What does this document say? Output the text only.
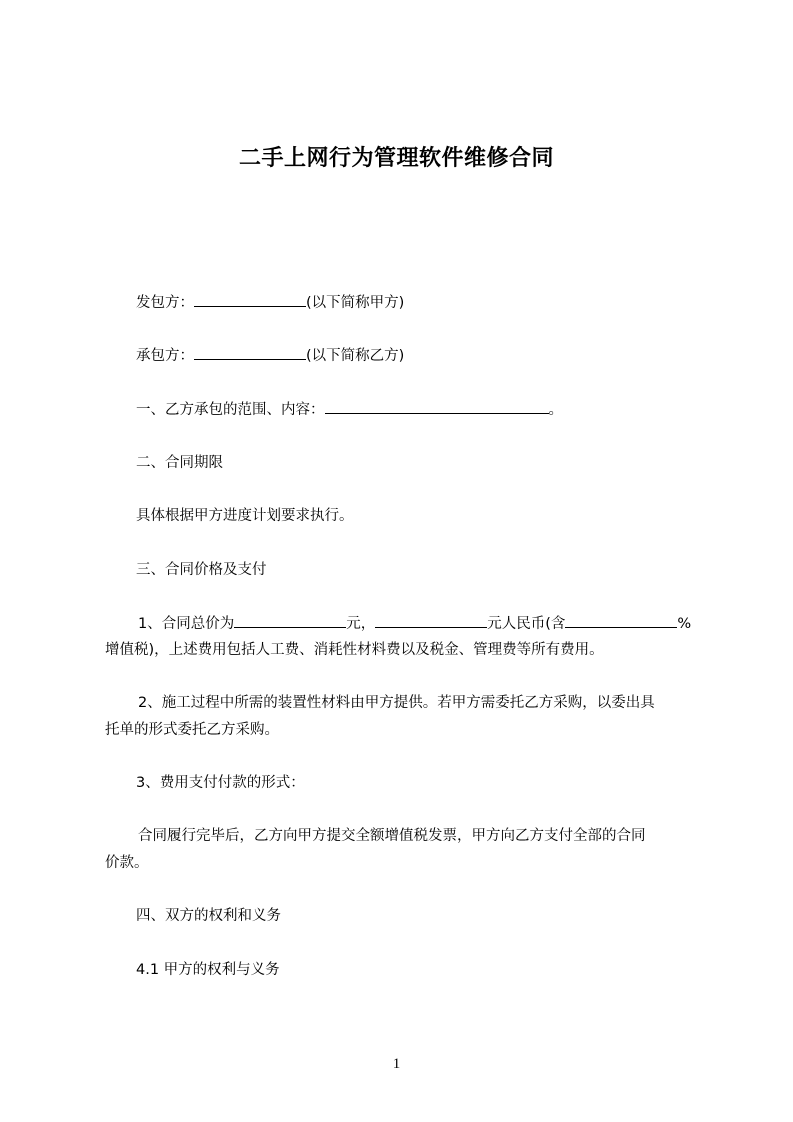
二手上网行为管理软件维修合同
发包方：	(以下简称甲方)
承包方：	(以下简称乙方)
一、乙方承包的范围、内容：	。
二、合同期限
具体根据甲方进度计划要求执行。
三、合同价格及支付
1、合同总价为	元，	元人民币(含	%
增值税)，上述费用包括人工费、消耗性材料费以及税金、管理费等所有费用。
2、施工过程中所需的装置性材料由甲方提供。若甲方需委托乙方采购，以委出具
托单的形式委托乙方采购。
3、费用支付付款的形式：
合同履行完毕后，乙方向甲方提交全额增值税发票，甲方向乙方支付全部的合同
价款。
四、双方的权利和义务
4.1 甲方的权利与义务
1
